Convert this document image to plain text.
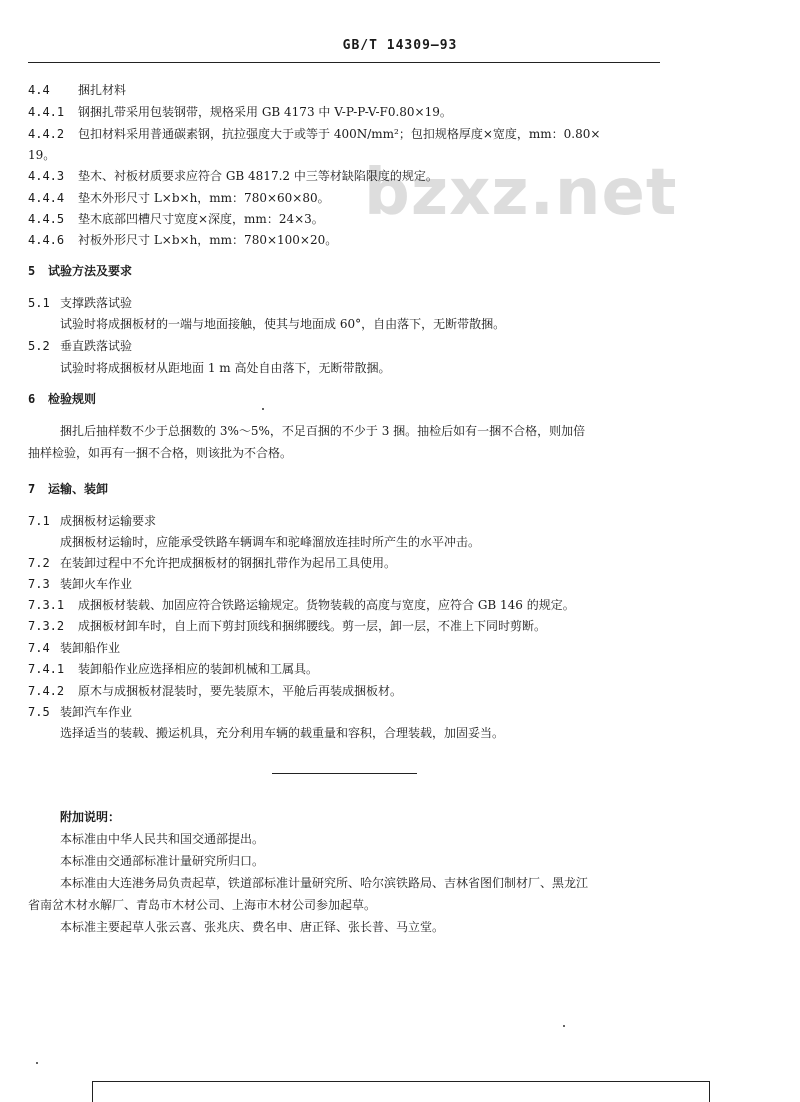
GB/T 14309—93
bzxz.net
4.4 捆扎材料
4.4.1 钢捆扎带采用包装钢带，规格采用 GB 4173 中 V-P-P-V-F0.80×19。
4.4.2 包扣材料采用普通碳素钢，抗拉强度大于或等于 400N/mm²；包扣规格厚度×宽度，mm：0.80×
19。
4.4.3 垫木、衬板材质要求应符合 GB 4817.2 中三等材缺陷限度的规定。
4.4.4 垫木外形尺寸 L×b×h，mm：780×60×80。
4.4.5 垫木底部凹槽尺寸宽度×深度，mm：24×3。
4.4.6 衬板外形尺寸 L×b×h，mm：780×100×20。
5 试验方法及要求
5.1 支撑跌落试验
试验时将成捆板材的一端与地面接触，使其与地面成 60°，自由落下，无断带散捆。
5.2 垂直跌落试验
试验时将成捆板材从距地面 1 m 高处自由落下，无断带散捆。
6 检验规则
捆扎后抽样数不少于总捆数的 3%～5%，不足百捆的不少于 3 捆。抽检后如有一捆不合格，则加倍
抽样检验，如再有一捆不合格，则该批为不合格。
7 运输、装卸
7.1 成捆板材运输要求
成捆板材运输时，应能承受铁路车辆调车和驼峰溜放连挂时所产生的水平冲击。
7.2 在装卸过程中不允许把成捆板材的钢捆扎带作为起吊工具使用。
7.3 装卸火车作业
7.3.1 成捆板材装载、加固应符合铁路运输规定。货物装载的高度与宽度，应符合 GB 146 的规定。
7.3.2 成捆板材卸车时，自上而下剪封顶线和捆绑腰线。剪一层，卸一层，不准上下同时剪断。
7.4 装卸船作业
7.4.1 装卸船作业应选择相应的装卸机械和工属具。
7.4.2 原木与成捆板材混装时，要先装原木，平舱后再装成捆板材。
7.5 装卸汽车作业
选择适当的装载、搬运机具，充分利用车辆的载重量和容积，合理装载，加固妥当。
附加说明：
本标准由中华人民共和国交通部提出。
本标准由交通部标准计量研究所归口。
本标准由大连港务局负责起草，铁道部标准计量研究所、哈尔滨铁路局、吉林省图们制材厂、黑龙江
省南岔木材水解厂、青岛市木材公司、上海市木材公司参加起草。
本标准主要起草人张云喜、张兆庆、费名申、唐正铎、张长普、马立堂。
